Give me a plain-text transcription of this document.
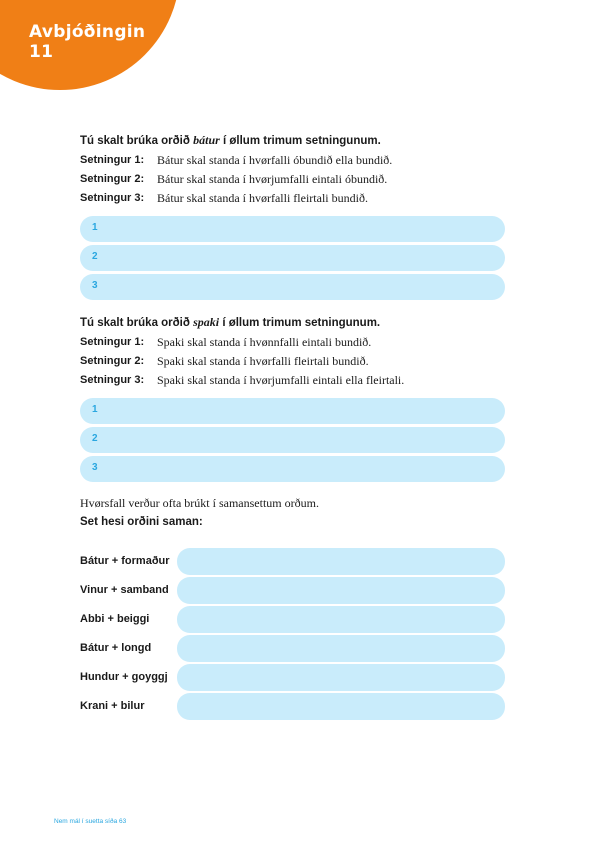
Avbjóðingin
11
Tú skalt brúka orðið bátur í øllum trimum setningunum.
Setningur 1:	Bátur skal standa í hvørfalli óbundið ella bundið.
Setningur 2:	Bátur skal standa í hvørjumfalli eintali óbundið.
Setningur 3:	Bátur skal standa í hvørfalli fleirtali bundið.
1
2
3
Tú skalt brúka orðið spaki í øllum trimum setningunum.
Setningur 1:	Spaki skal standa í hvønnfalli eintali bundið.
Setningur 2:	Spaki skal standa í hvørfalli fleirtali bundið.
Setningur 3:	Spaki skal standa í hvørjumfalli eintali ella fleirtali.
1
2
3
Hvørsfall verður ofta brúkt í samansettum orðum.
Set hesi orðini saman:
Bátur + formaður
Vinur + samband
Abbi + beiggi
Bátur + longd
Hundur + goyggj
Krani + bilur
Nem mál í suetta síða 63
